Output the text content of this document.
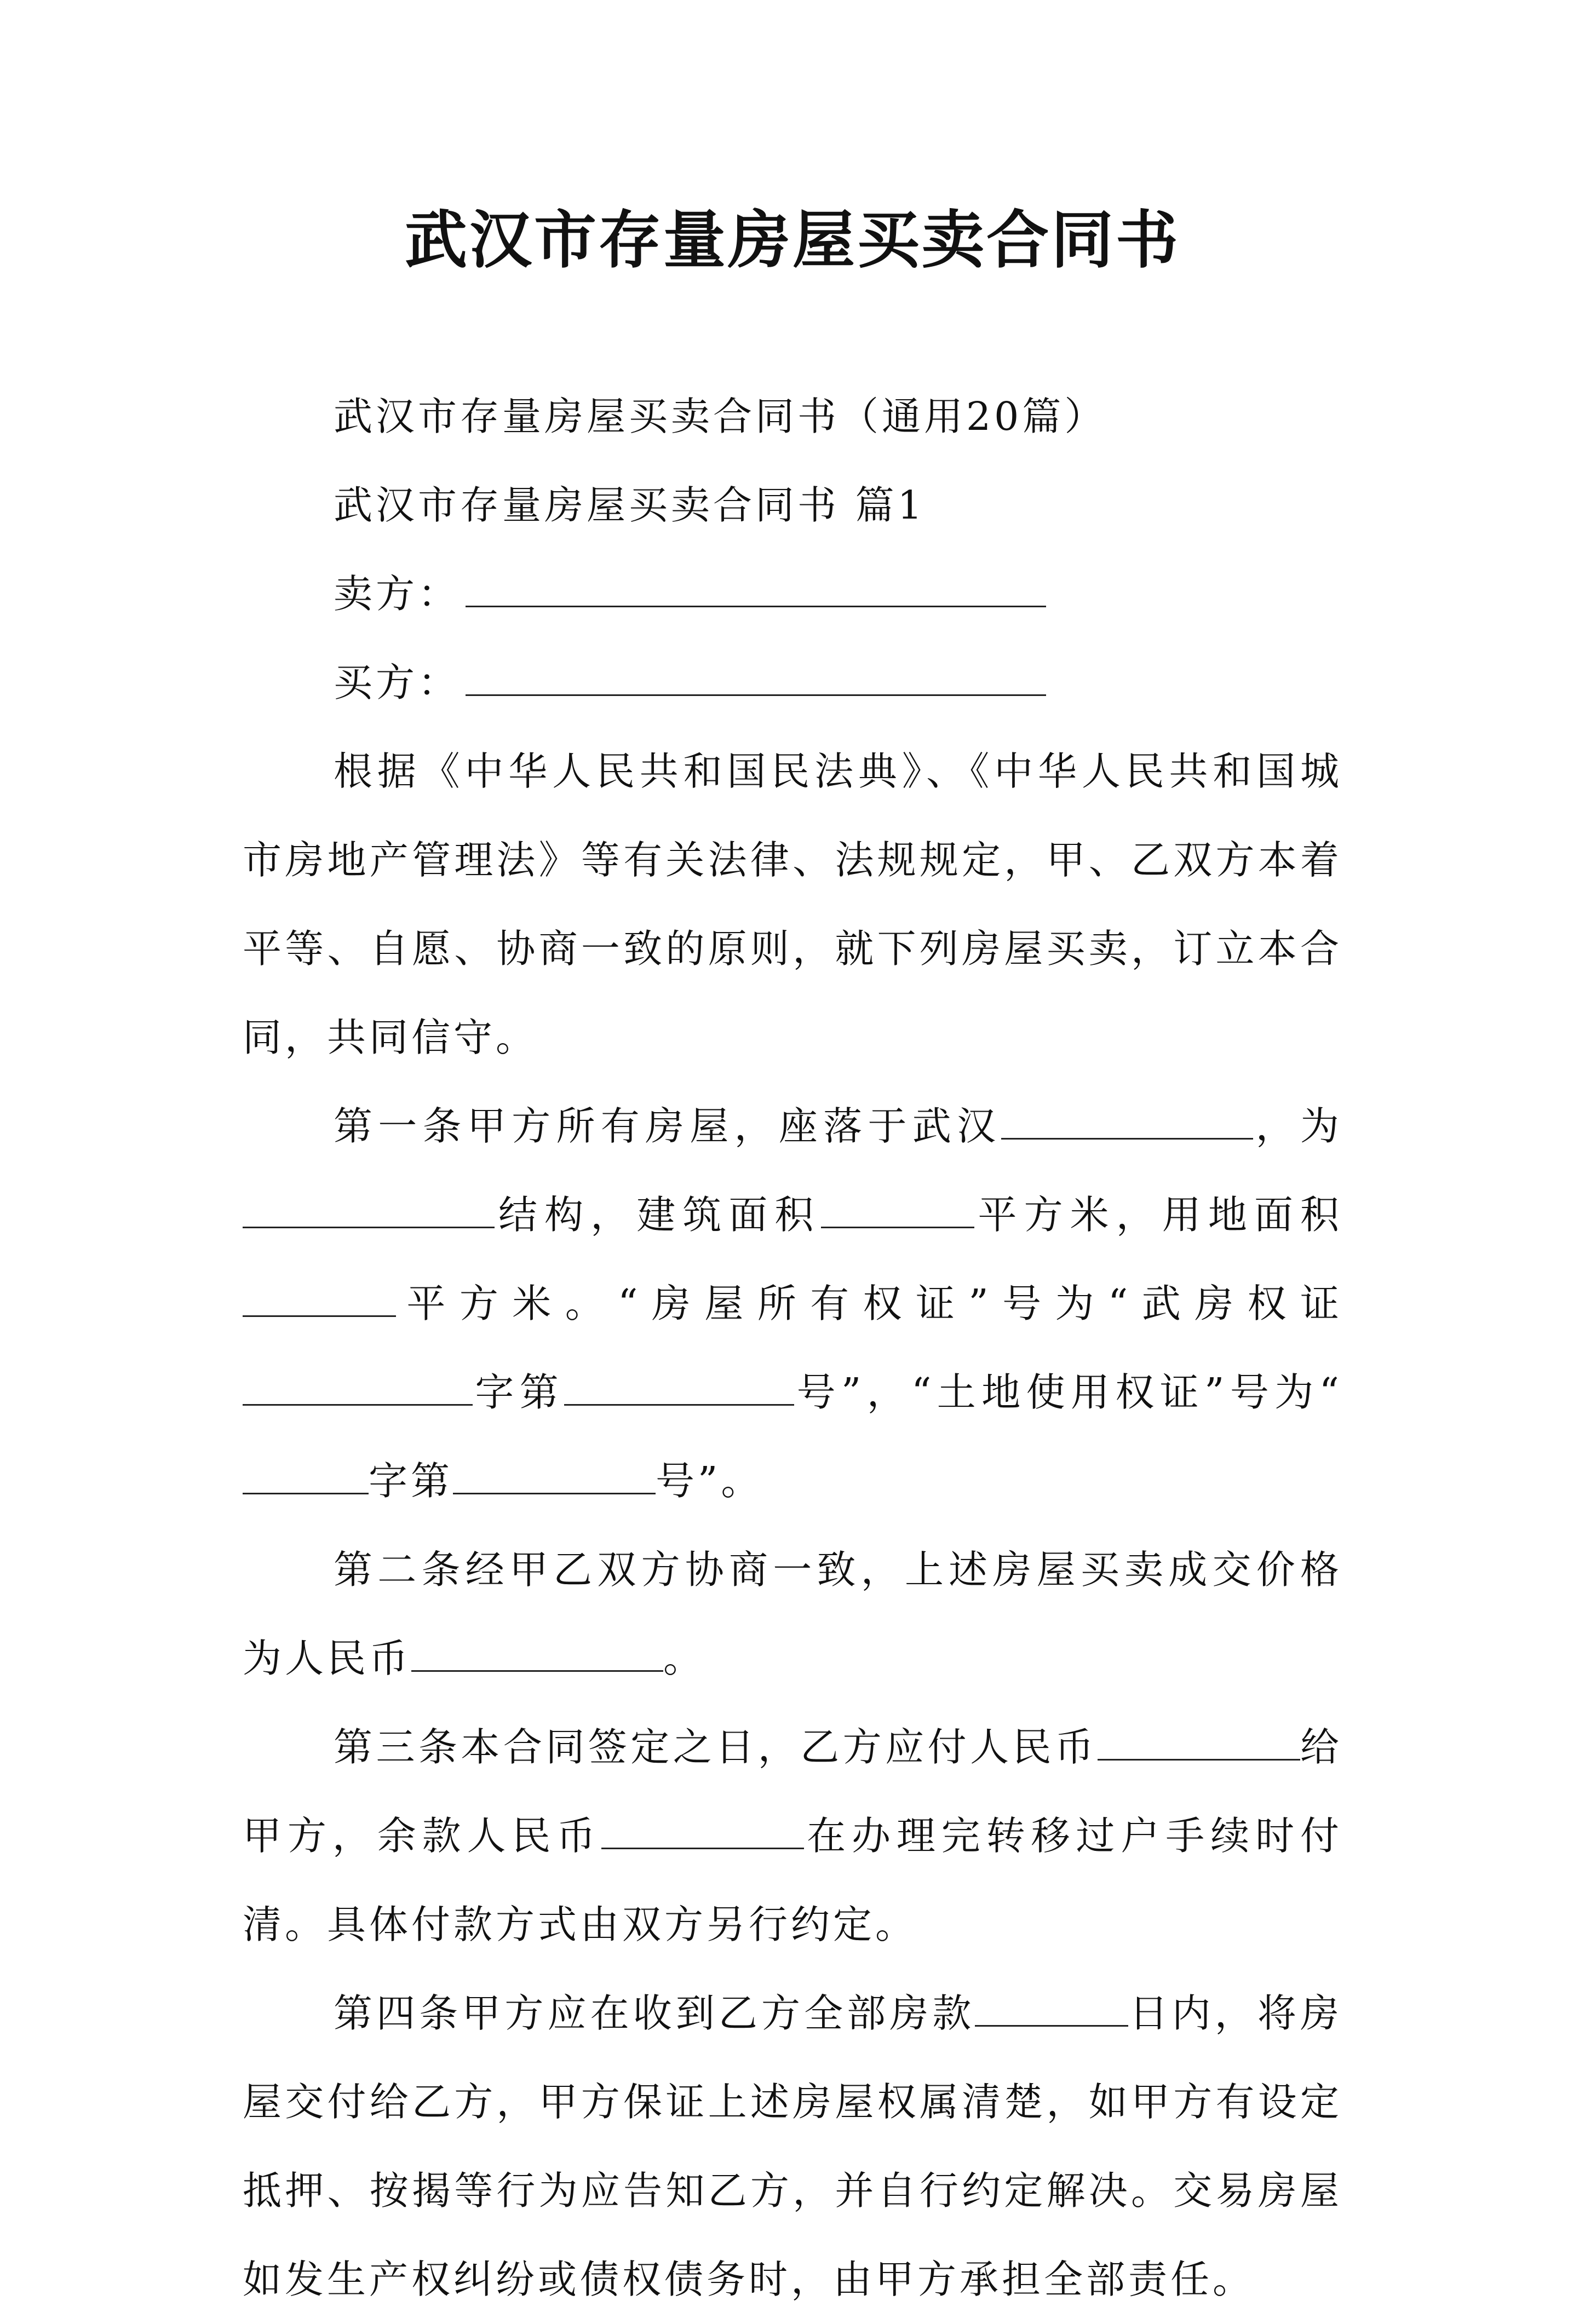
武汉市存量房屋买卖合同书

武汉市存量房屋买卖合同书（通用20篇）

武汉市存量房屋买卖合同书 篇1

卖方：

买方：

根据《中华人民共和国民法典》、《中华人民共和国城市房地产管理法》等有关法律、法规规定，甲、乙双方本着平等、自愿、协商一致的原则，就下列房屋买卖，订立本合同，共同信守。

第一条甲方所有房屋，座落于武汉	，为结构，建筑面积	平方米，用地面积平方米。“房屋所有权证”号为“武房权证字第	号”，“土地使用权证”号为“字第	号”。

第二条经甲乙双方协商一致，上述房屋买卖成交价格为人民币	。

第三条本合同签定之日，乙方应付人民币	给甲方，余款人民币	在办理完转移过户手续时付清。具体付款方式由双方另行约定。

第四条甲方应在收到乙方全部房款	日内，将房屋交付给乙方，甲方保证上述房屋权属清楚，如甲方有设定抵押、按揭等行为应告知乙方，并自行约定解决。交易房屋如发生产权纠纷或债权债务时，由甲方承担全部责任。
